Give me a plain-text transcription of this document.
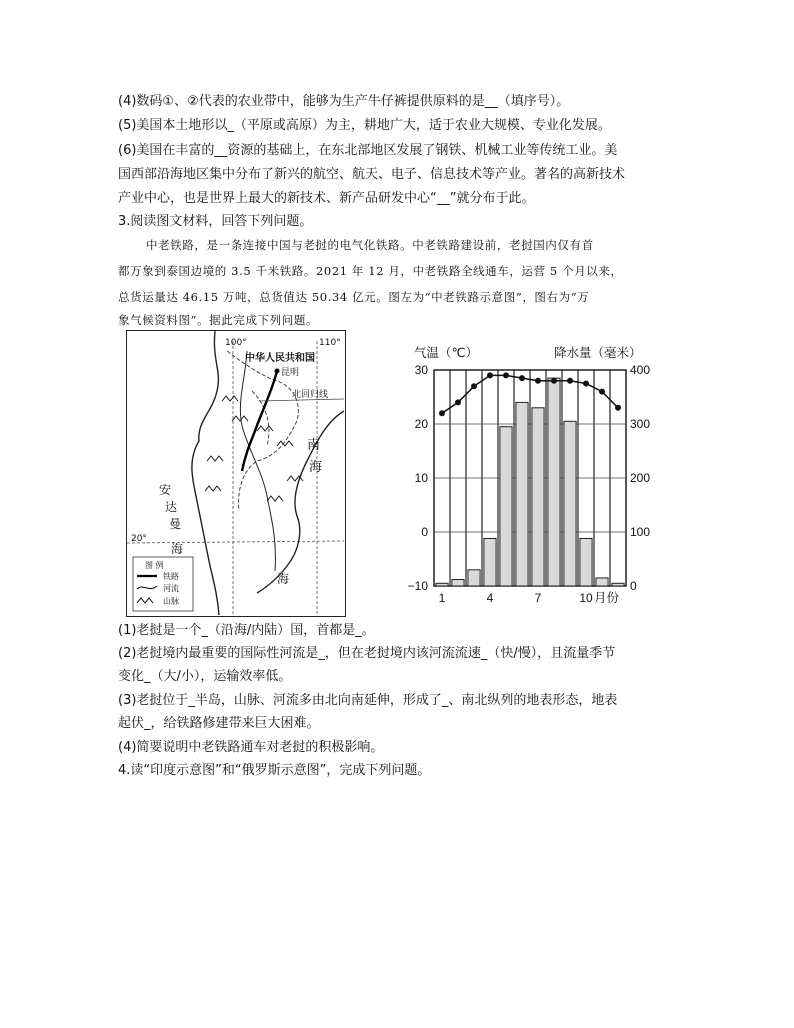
(4)数码①、②代表的农业带中，能够为生产牛仔裤提供原料的是__（填序号）。
(5)美国本土地形以_（平原或高原）为主，耕地广大，适于农业大规模、专业化发展。
(6)美国在丰富的__资源的基础上，在东北部地区发展了钢铁、机械工业等传统工业。美
国西部沿海地区集中分布了新兴的航空、航天、电子、信息技术等产业。著名的高新技术
产业中心，也是世界上最大的新技术、新产品研发中心“__”就分布于此。
3.阅读图文材料，回答下列问题。
中老铁路，是一条连接中国与老挝的电气化铁路。中老铁路建设前，老挝国内仅有首
都万象到泰国边境的 3.5 千米铁路。2021 年 12 月，中老铁路全线通车，运营 5 个月以来，
总货运量达 46.15 万吨，总货值达 50.34 亿元。图左为“中老铁路示意图”，图右为“万
象气候资料图”。据此完成下列问题。
100°	110°
20°
中华人民共和国
昆明
北回归线
南
海
安
达
曼
海
海
图 例
铁路
河流
山脉
气温（℃）	降水量（毫米）
月份
30
20
10
0
−10
400
300
200
100
0
1	4	7	10
(1)老挝是一个_（沿海/内陆）国，首都是_。
(2)老挝境内最重要的国际性河流是_，但在老挝境内该河流流速_（快/慢），且流量季节
变化_（大/小），运输效率低。
(3)老挝位于_半岛，山脉、河流多由北向南延伸，形成了_、南北纵列的地表形态，地表
起伏_，给铁路修建带来巨大困难。
(4)简要说明中老铁路通车对老挝的积极影响。
4.读“印度示意图”和“俄罗斯示意图”，完成下列问题。
